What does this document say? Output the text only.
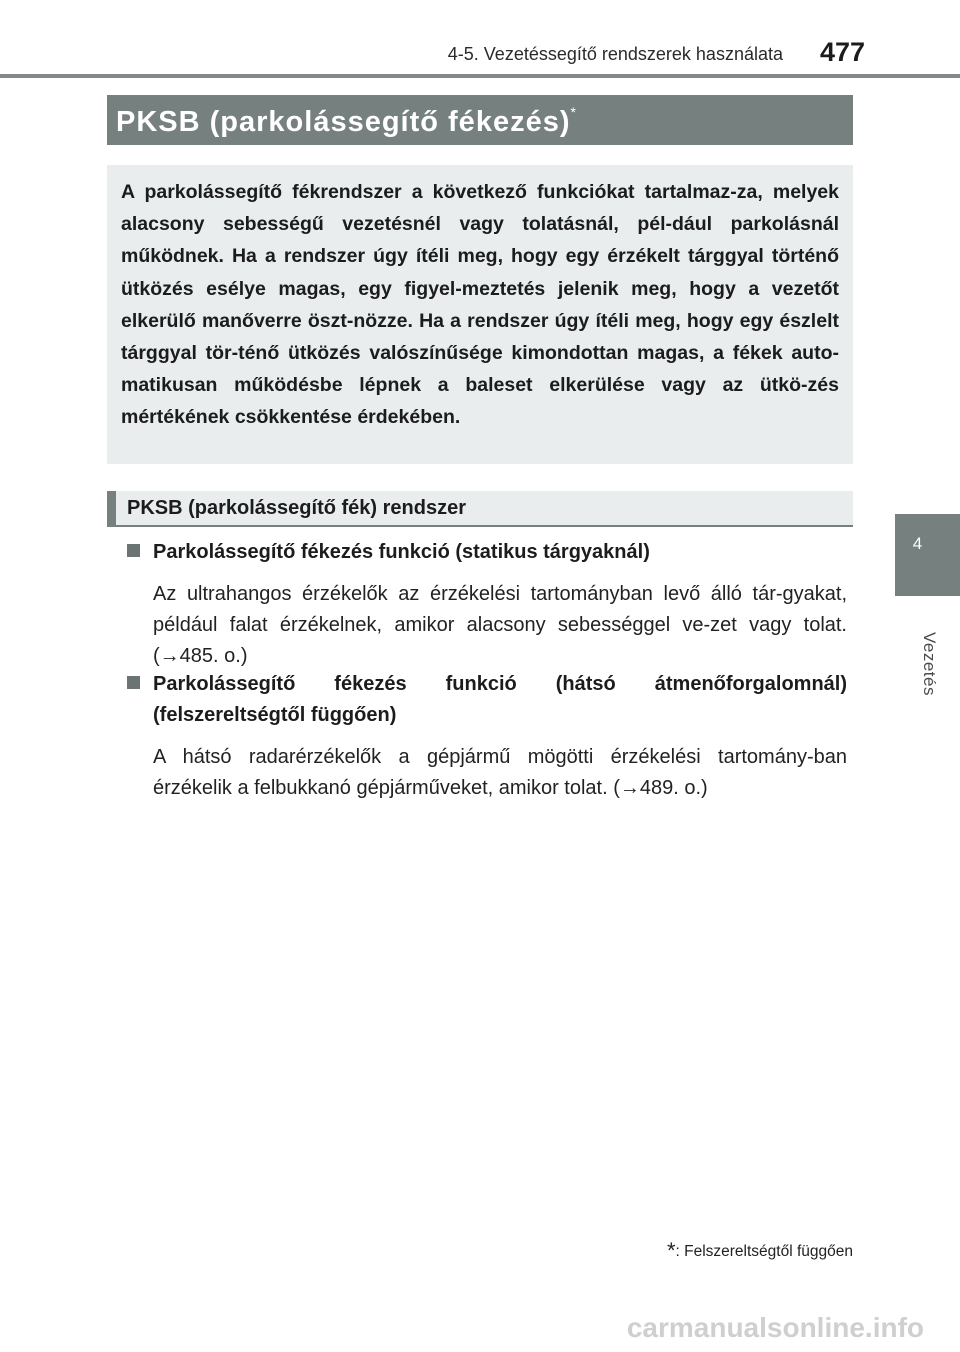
4-5. Vezetéssegítő rendszerek használata 477
4
Vezetés
PKSB (parkolássegítő fékezés)*
A parkolássegítő fékrendszer a következő funkciókat tartalmaz-za, melyek alacsony sebességű vezetésnél vagy tolatásnál, pél-dául parkolásnál működnek. Ha a rendszer úgy ítéli meg, hogy egy érzékelt tárggyal történő ütközés esélye magas, egy figyel-meztetés jelenik meg, hogy a vezetőt elkerülő manőverre öszt-nözze. Ha a rendszer úgy ítéli meg, hogy egy észlelt tárggyal tör-ténő ütközés valószínűsége kimondottan magas, a fékek auto-matikusan működésbe lépnek a baleset elkerülése vagy az ütkö-zés mértékének csökkentése érdekében.
PKSB (parkolássegítő fék) rendszer
Parkolássegítő fékezés funkció (statikus tárgyaknál)
Az ultrahangos érzékelők az érzékelési tartományban levő álló tár-gyakat, például falat érzékelnek, amikor alacsony sebességgel ve-zet vagy tolat. (→485. o.)
Parkolássegítő fékezés funkció (hátsó átmenőforgalomnál) (felszereltségtől függően)
A hátsó radarérzékelők a gépjármű mögötti érzékelési tartomány-ban érzékelik a felbukkanó gépjárműveket, amikor tolat. (→489. o.)
*: Felszereltségtől függően
carmanualsonline.info
